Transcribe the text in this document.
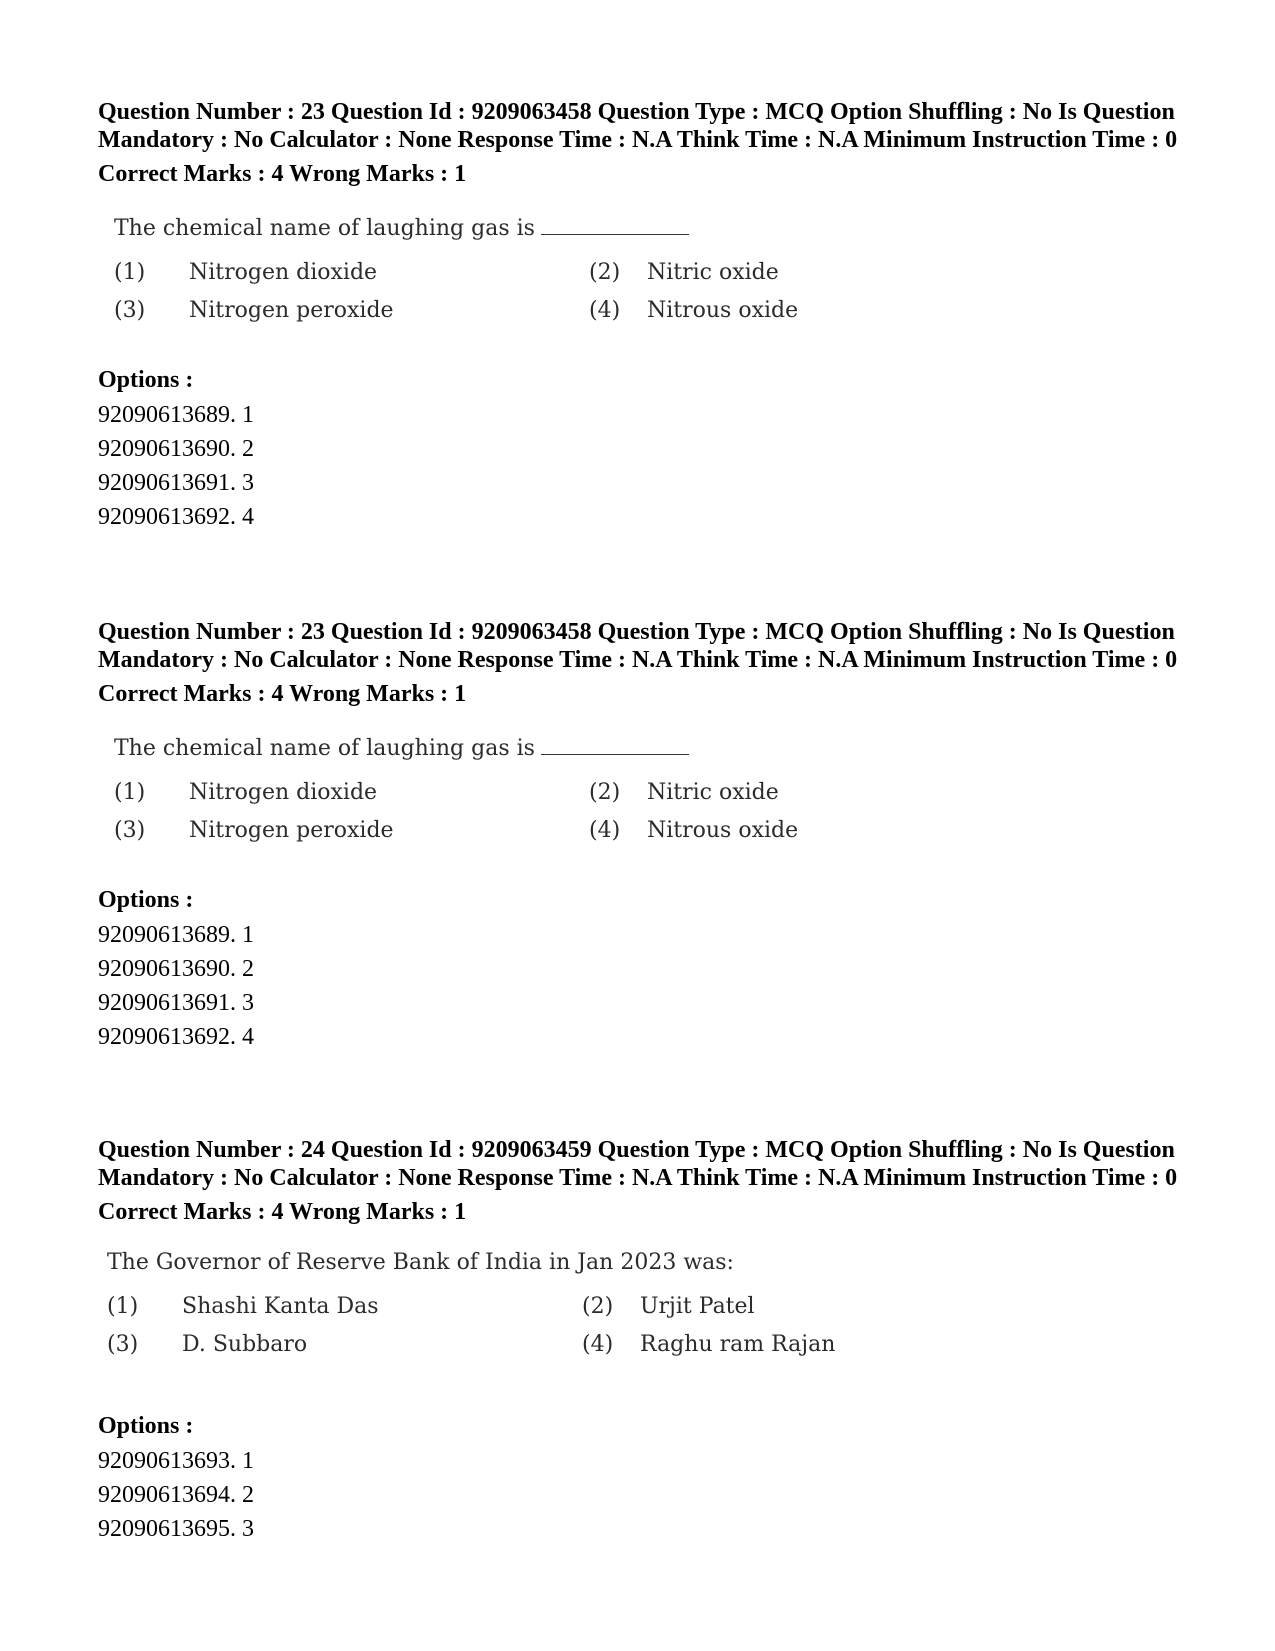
Question Number : 23 Question Id : 9209063458 Question Type : MCQ Option Shuffling : No Is Question Mandatory : No Calculator : None Response Time : N.A Think Time : N.A Minimum Instruction Time : 0

Correct Marks : 4 Wrong Marks : 1
The chemical name of laughing gas is
(1)	Nitrogen dioxide	(2)	Nitric oxide
(3)	Nitrogen peroxide	(4)	Nitrous oxide
Options :
92090613689. 1
92090613690. 2
92090613691. 3
92090613692. 4

Question Number : 23 Question Id : 9209063458 Question Type : MCQ Option Shuffling : No Is Question Mandatory : No Calculator : None Response Time : N.A Think Time : N.A Minimum Instruction Time : 0

Correct Marks : 4 Wrong Marks : 1
The chemical name of laughing gas is
(1)	Nitrogen dioxide	(2)	Nitric oxide
(3)	Nitrogen peroxide	(4)	Nitrous oxide
Options :
92090613689. 1
92090613690. 2
92090613691. 3
92090613692. 4

Question Number : 24 Question Id : 9209063459 Question Type : MCQ Option Shuffling : No Is Question Mandatory : No Calculator : None Response Time : N.A Think Time : N.A Minimum Instruction Time : 0

Correct Marks : 4 Wrong Marks : 1
The Governor of Reserve Bank of India in Jan 2023 was:
(1)	Shashi Kanta Das	(2)	Urjit Patel
(3)	D. Subbaro	(4)	Raghu ram Rajan
Options :
92090613693. 1
92090613694. 2
92090613695. 3
